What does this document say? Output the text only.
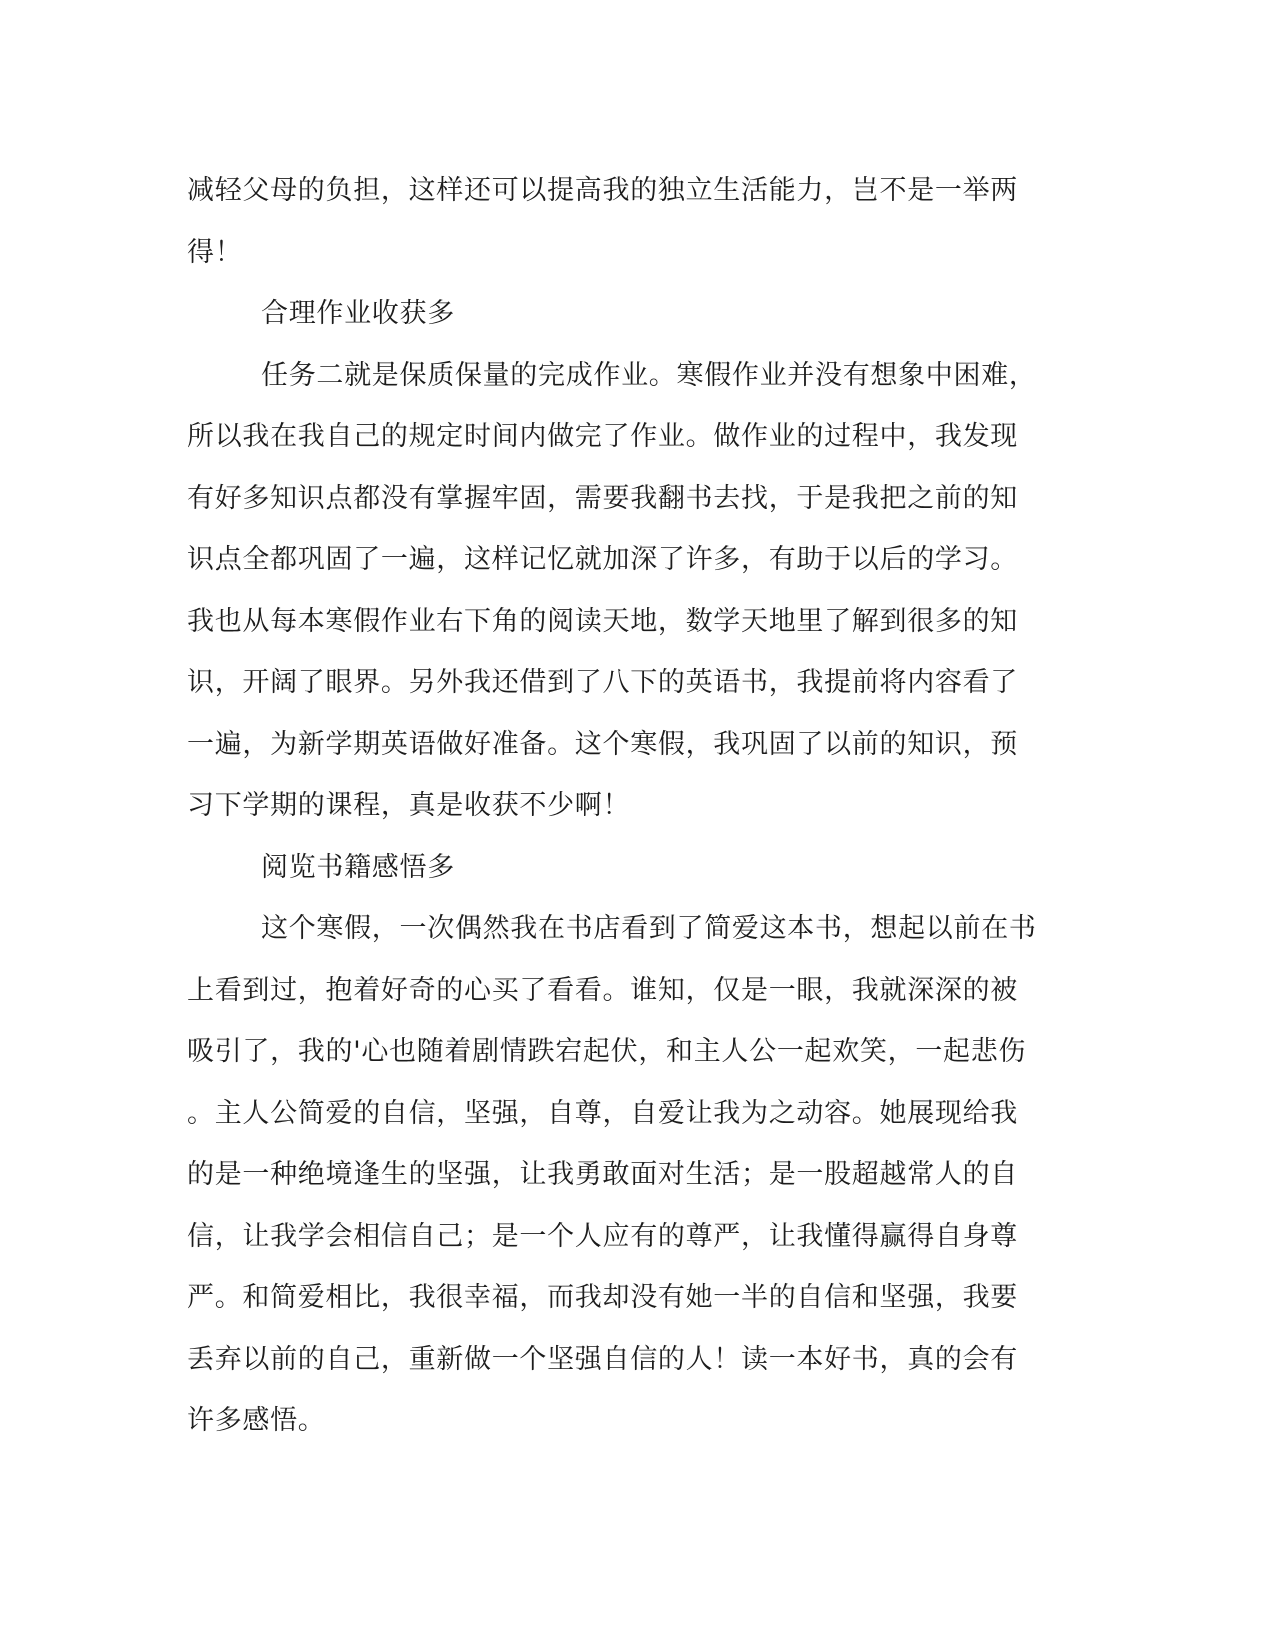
减轻父母的负担，这样还可以提高我的独立生活能力，岂不是一举两
得！
合理作业收获多
任务二就是保质保量的完成作业。寒假作业并没有想象中困难，
所以我在我自己的规定时间内做完了作业。做作业的过程中，我发现
有好多知识点都没有掌握牢固，需要我翻书去找，于是我把之前的知
识点全都巩固了一遍，这样记忆就加深了许多，有助于以后的学习。
我也从每本寒假作业右下角的阅读天地，数学天地里了解到很多的知
识，开阔了眼界。另外我还借到了八下的英语书，我提前将内容看了
一遍，为新学期英语做好准备。这个寒假，我巩固了以前的知识，预
习下学期的课程，真是收获不少啊！
阅览书籍感悟多
这个寒假，一次偶然我在书店看到了简爱这本书，想起以前在书
上看到过，抱着好奇的心买了看看。谁知，仅是一眼，我就深深的被
吸引了，我的'心也随着剧情跌宕起伏，和主人公一起欢笑，一起悲伤
。主人公简爱的自信，坚强，自尊，自爱让我为之动容。她展现给我
的是一种绝境逢生的坚强，让我勇敢面对生活；是一股超越常人的自
信，让我学会相信自己；是一个人应有的尊严，让我懂得赢得自身尊
严。和简爱相比，我很幸福，而我却没有她一半的自信和坚强，我要
丢弃以前的自己，重新做一个坚强自信的人！读一本好书，真的会有
许多感悟。
